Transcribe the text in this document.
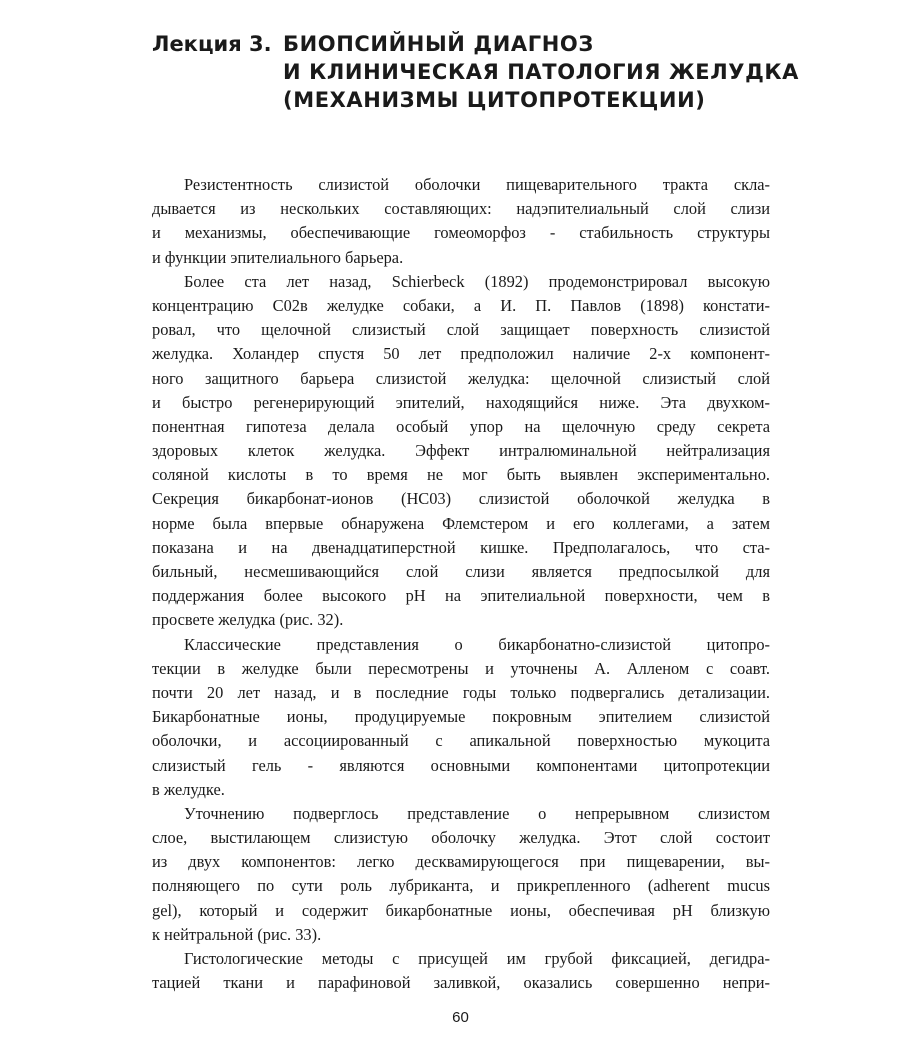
Лекция 3. БИОПСИЙНЫЙ ДИАГНОЗ
И КЛИНИЧЕСКАЯ ПАТОЛОГИЯ ЖЕЛУДКА
(МЕХАНИЗМЫ ЦИТОПРОТЕКЦИИ)
Резистентность слизистой оболочки пищеварительного тракта скла-
дывается из нескольких составляющих: надэпителиальный слой слизи
и механизмы, обеспечивающие гомеоморфоз - стабильность структуры
и функции эпителиального барьера.
Более ста лет назад, Schierbeck (1892) продемонстрировал высокую
концентрацию С02в желудке собаки, а И. П. Павлов (1898) констати-
ровал, что щелочной слизистый слой защищает поверхность слизистой
желудка. Холандер спустя 50 лет предположил наличие 2-х компонент-
ного защитного барьера слизистой желудка: щелочной слизистый слой
и быстро регенерирующий эпителий, находящийся ниже. Эта двухком-
понентная гипотеза делала особый упор на щелочную среду секрета
здоровых клеток желудка. Эффект интралюминальной нейтрализация
соляной кислоты в то время не мог быть выявлен экспериментально.
Секреция бикарбонат-ионов (НС03) слизистой оболочкой желудка в
норме была впервые обнаружена Флемстером и его коллегами, а затем
показана и на двенадцатиперстной кишке. Предполагалось, что ста-
бильный, несмешивающийся слой слизи является предпосылкой для
поддержания более высокого pH на эпителиальной поверхности, чем в
просвете желудка (рис. 32).
Классические представления о бикарбонатно-слизистой цитопро-
текции в желудке были пересмотрены и уточнены А. Алленом с соавт.
почти 20 лет назад, и в последние годы только подвергались детализации.
Бикарбонатные ионы, продуцируемые покровным эпителием слизистой
оболочки, и ассоциированный с апикальной поверхностью мукоцита
слизистый гель - являются основными компонентами цитопротекции
в желудке.
Уточнению подверглось представление о непрерывном слизистом
слое, выстилающем слизистую оболочку желудка. Этот слой состоит
из двух компонентов: легко десквамирующегося при пищеварении, вы-
полняющего по сути роль лубриканта, и прикрепленного (adherent mucus
gel), который и содержит бикарбонатные ионы, обеспечивая pH близкую
к нейтральной (рис. 33).
Гистологические методы с присущей им грубой фиксацией, дегидра-
тацией ткани и парафиновой заливкой, оказались совершенно непри-
60
